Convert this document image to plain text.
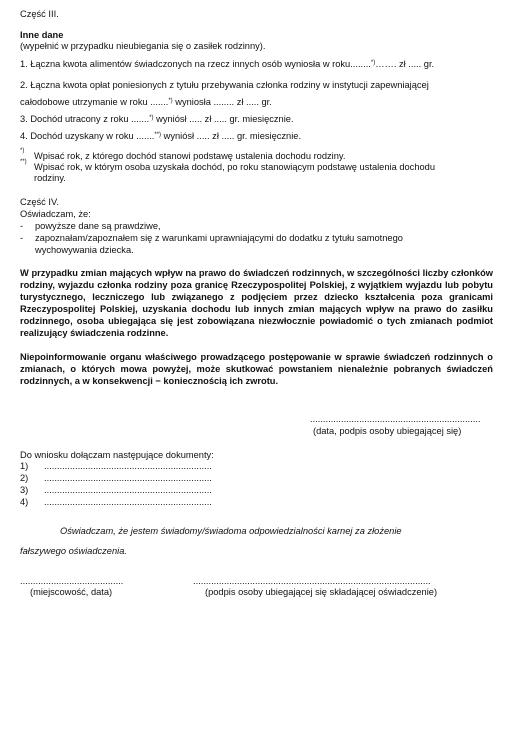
Część III.
Inne dane
(wypełnić w przypadku nieubiegania się o zasiłek rodzinny).
1. Łączna kwota alimentów świadczonych na rzecz innych osób wyniosła w roku........*)……. zł ..... gr.
2. Łączna kwota opłat poniesionych z tytułu przebywania członka rodziny w instytucji zapewniającej
całodobowe utrzymanie w roku .......*) wyniosła ........ zł ..... gr.
3. Dochód utracony z roku .......*) wyniósł ..... zł ..... gr. miesięcznie.
4. Dochód uzyskany w roku .......**) wyniósł ..... zł ..... gr. miesięcznie.
*) Wpisać rok, z którego dochód stanowi podstawę ustalenia dochodu rodziny.
**) Wpisać rok, w którym osoba uzyskała dochód, po roku stanowiącym podstawę ustalenia dochodu
rodziny.
Część IV.
Oświadczam, że:
- powyższe dane są prawdziwe,
- zapoznałam/zapoznałem się z warunkami uprawniającymi do dodatku z tytułu samotnego
wychowywania dziecka.
W przypadku zmian mających wpływ na prawo do świadczeń rodzinnych, w szczególności liczby członków rodziny, wyjazdu członka rodziny poza granicę Rzeczypospolitej Polskiej, z wyjątkiem wyjazdu lub pobytu turystycznego, leczniczego lub związanego z podjęciem przez dziecko kształcenia poza granicami Rzeczypospolitej Polskiej, uzyskania dochodu lub innych zmian mających wpływ na prawo do zasiłku rodzinnego, osoba ubiegająca się jest zobowiązana niezwłocznie powiadomić o tych zmianach podmiot realizujący świadczenia rodzinne.
Niepoinformowanie organu właściwego prowadzącego postępowanie w sprawie świadczeń rodzinnych o zmianach, o których mowa powyżej, może skutkować powstaniem nienależnie pobranych świadczeń rodzinnych, a w konsekwencji − koniecznością ich zwrotu.
..................................................................
(data, podpis osoby ubiegającej się)
Do wniosku dołączam następujące dokumenty:
1) .................................................................
2) .................................................................
3) .................................................................
4) .................................................................
Oświadczam, że jestem świadomy/świadoma odpowiedzialności karnej za złożenie
fałszywego oświadczenia.
........................................
(miejscowość, data)
............................................................................................
(podpis osoby ubiegającej się składającej oświadczenie)
